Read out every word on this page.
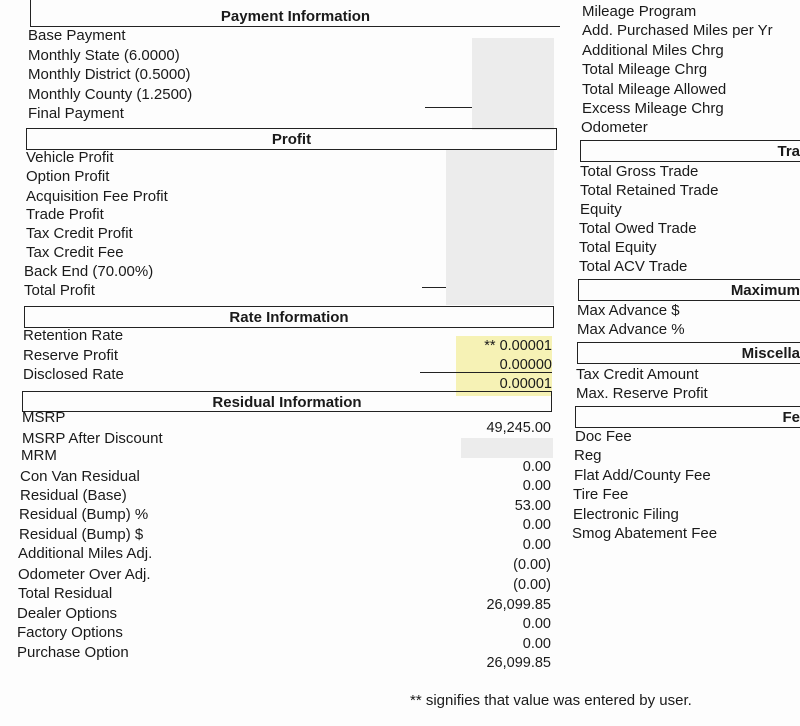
Payment Information
Base Payment
Monthly State (6.0000)
Monthly District (0.5000)
Monthly County (1.2500)
Final Payment
Profit
Vehicle Profit
Option Profit
Acquisition Fee Profit
Trade Profit
Tax Credit Profit
Tax Credit Fee
Back End (70.00%)
Total Profit
Rate Information
Retention Rate
Reserve Profit
Disclosed Rate
** 0.00001
0.00000
0.00001
Residual Information
MSRP
MSRP After Discount
MRM
Con Van Residual
Residual (Base)
Residual (Bump) %
Residual (Bump) $
Additional Miles Adj.
Odometer Over Adj.
Total Residual
Dealer Options
Factory Options
Purchase Option
49,245.00
0.00
0.00
53.00
0.00
0.00
(0.00)
(0.00)
26,099.85
0.00
0.00
26,099.85
Mileage Program
Add. Purchased Miles per Yr
Additional Miles Chrg
Total Mileage Chrg
Total Mileage Allowed
Excess Mileage Chrg
Odometer
Tra
Total Gross Trade
Total Retained Trade
Equity
Total Owed Trade
Total Equity
Total ACV Trade
Maximum
Max Advance $
Max Advance %
Miscella
Tax Credit Amount
Max. Reserve Profit
Fe
Doc Fee
Reg
Flat Add/County Fee
Tire Fee
Electronic Filing
Smog Abatement Fee
** signifies that value was entered by user.
